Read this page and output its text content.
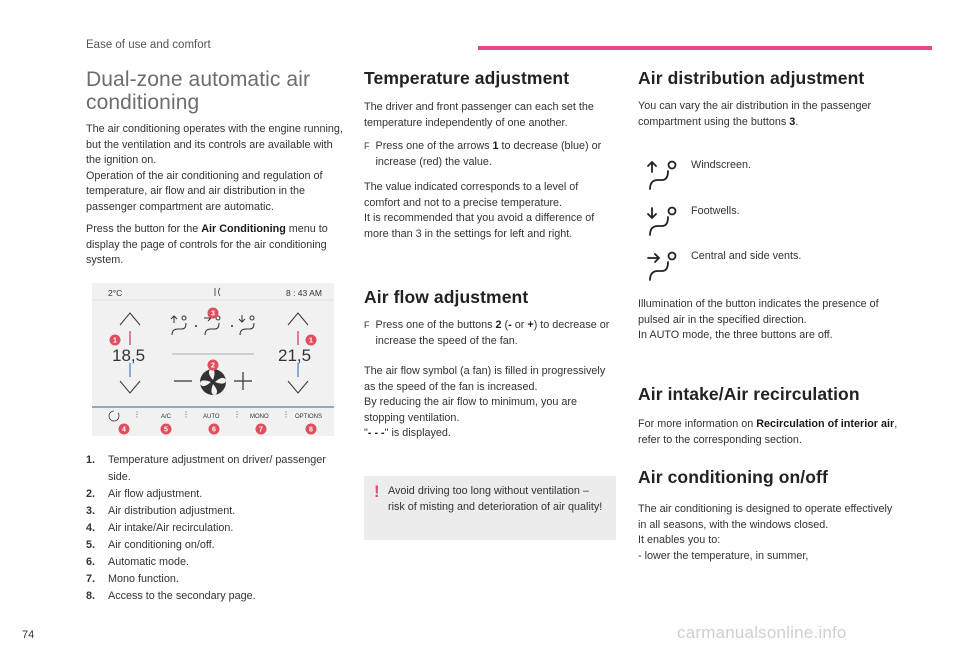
Ease of use and comfort
Dual-zone automatic air
conditioning

The air conditioning operates with the engine running, but the ventilation and its controls are available with the ignition on.

Operation of the air conditioning and regulation of temperature, air flow and air distribution in the passenger compartment are automatic.

Press the button for the Air Conditioning menu to display the page of controls for the air conditioning system.

2°C	8 : 43 AM
18,5	21,5
A/C	AUTO	MONO	OPTIONS
1	1
2
3
4	5	6	7	8
1.	Temperature adjustment on driver/ passenger side.
2.	Air flow adjustment.
3.	Air distribution adjustment.
4.	Air intake/Air recirculation.
5.	Air conditioning on/off.
6.	Automatic mode.
7.	Mono function.
8.	Access to the secondary page.
Temperature adjustment

The driver and front passenger can each set the temperature independently of one another.

F Press one of the arrows 1 to decrease (blue) or increase (red) the value.

The value indicated corresponds to a level of comfort and not to a precise temperature.

It is recommended that you avoid a difference of more than 3 in the settings for left and right.

Air flow adjustment
F Press one of the buttons 2 (- or +) to decrease or increase the speed of the fan.

The air flow symbol (a fan) is filled in progressively as the speed of the fan is increased.

By reducing the air flow to minimum, you are stopping ventilation.

"- - -" is displayed.

! Avoid driving too long without ventilation – risk of misting and deterioration of air quality!

Air distribution adjustment

You can vary the air distribution in the passenger compartment using the buttons 3.

Windscreen.
Footwells.
Central and side vents.

Illumination of the button indicates the presence of pulsed air in the specified direction.

In AUTO mode, the three buttons are off.

Air intake/Air recirculation

For more information on Recirculation of interior air, refer to the corresponding section.

Air conditioning on/off

The air conditioning is designed to operate effectively in all seasons, with the windows closed.

It enables you to:

- lower the temperature, in summer,

74	carmanualsonline.info
